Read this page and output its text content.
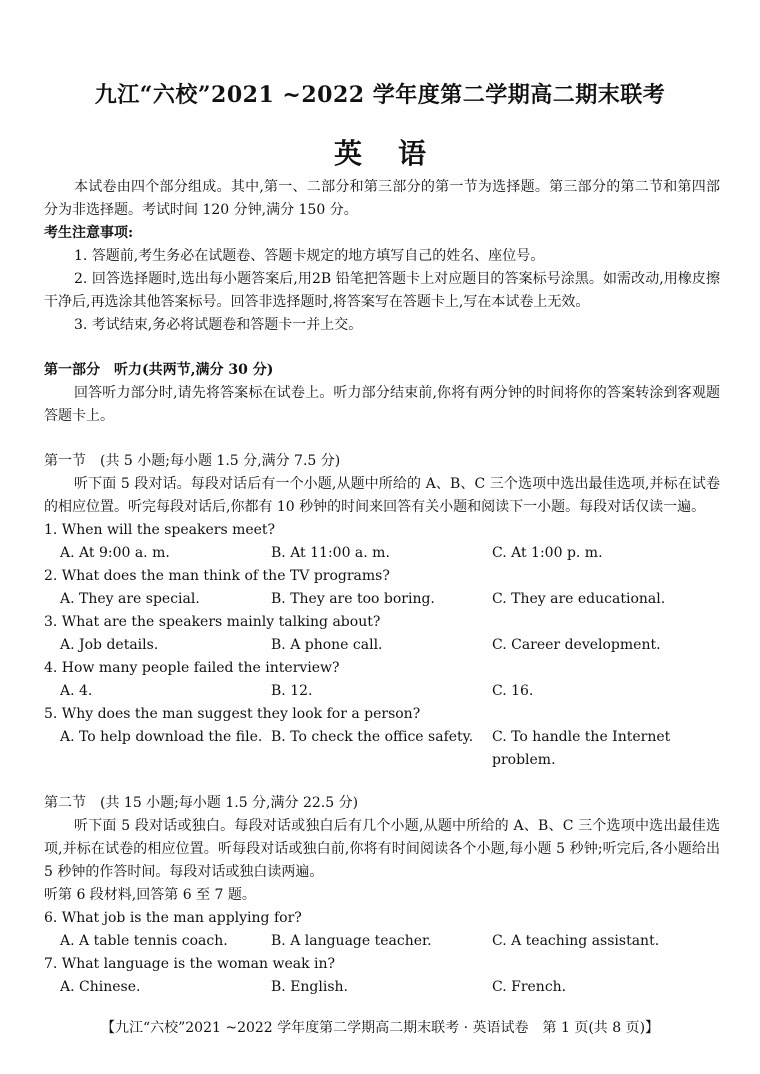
九江“六校”2021 ~2022 学年度第二学期高二期末联考
英语

本试卷由四个部分组成。其中,第一、二部分和第三部分的第一节为选择题。第三部分的第二节和第四部分为非选择题。考试时间 120 分钟,满分 150 分。

考生注意事项:

1. 答题前,考生务必在试题卷、答题卡规定的地方填写自己的姓名、座位号。

2. 回答选择题时,选出每小题答案后,用2B 铅笔把答题卡上对应题目的答案标号涂黑。如需改动,用橡皮擦干净后,再选涂其他答案标号。回答非选择题时,将答案写在答题卡上,写在本试卷上无效。

3. 考试结束,务必将试题卷和答题卡一并上交。

第一部分　听力(共两节,满分 30 分)

回答听力部分时,请先将答案标在试卷上。听力部分结束前,你将有两分钟的时间将你的答案转涂到客观题答题卡上。

第一节　(共 5 小题;每小题 1.5 分,满分 7.5 分)

听下面 5 段对话。每段对话后有一个小题,从题中所给的 A、B、C 三个选项中选出最佳选项,并标在试卷的相应位置。听完每段对话后,你都有 10 秒钟的时间来回答有关小题和阅读下一小题。每段对话仅读一遍。

1. When will the speakers meet?

A. At 9:00 a. m.	B. At 11:00 a. m.	C. At 1:00 p. m.

2. What does the man think of the TV programs?

A. They are special.	B. They are too boring.	C. They are educational.

3. What are the speakers mainly talking about?

A. Job details.	B. A phone call.	C. Career development.

4. How many people failed the interview?

A. 4.	B. 12.	C. 16.

5. Why does the man suggest they look for a person?

A. To help download the file. B. To check the office safety.	C. To handle the Internet problem.

第二节　(共 15 小题;每小题 1.5 分,满分 22.5 分)

听下面 5 段对话或独白。每段对话或独白后有几个小题,从题中所给的 A、B、C 三个选项中选出最佳选项,并标在试卷的相应位置。听每段对话或独白前,你将有时间阅读各个小题,每小题 5 秒钟;听完后,各小题给出 5 秒钟的作答时间。每段对话或独白读两遍。

听第 6 段材料,回答第 6 至 7 题。

6. What job is the man applying for?

A. A table tennis coach.	B. A language teacher.	C. A teaching assistant.

7. What language is the woman weak in?

A. Chinese.	B. English.	C. French.

【九江“六校”2021 ~2022 学年度第二学期高二期末联考 · 英语试卷　第 1 页(共 8 页)】
